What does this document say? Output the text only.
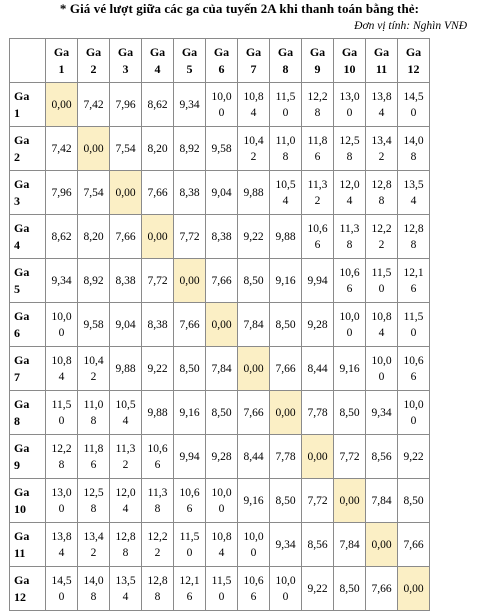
* Giá vé lượt giữa các ga của tuyến 2A khi thanh toán bằng thẻ:
Đơn vị tính: Nghìn VNĐ
	Ga 1	Ga 2	Ga 3	Ga 4	Ga 5	Ga 6	Ga 7	Ga 8	Ga 9	Ga 10	Ga 11	Ga 12
Ga 1	0,00	7,42	7,96	8,62	9,34	10,00	10,84	11,50	12,28	13,00	13,84	14,50
Ga 2	7,42	0,00	7,54	8,20	8,92	9,58	10,42	11,08	11,86	12,58	13,42	14,08
Ga 3	7,96	7,54	0,00	7,66	8,38	9,04	9,88	10,54	11,32	12,04	12,88	13,54
Ga 4	8,62	8,20	7,66	0,00	7,72	8,38	9,22	9,88	10,66	11,38	12,22	12,88
Ga 5	9,34	8,92	8,38	7,72	0,00	7,66	8,50	9,16	9,94	10,66	11,50	12,16
Ga 6	10,00	9,58	9,04	8,38	7,66	0,00	7,84	8,50	9,28	10,00	10,84	11,50
Ga 7	10,84	10,42	9,88	9,22	8,50	7,84	0,00	7,66	8,44	9,16	10,00	10,66
Ga 8	11,50	11,08	10,54	9,88	9,16	8,50	7,66	0,00	7,78	8,50	9,34	10,00
Ga 9	12,28	11,86	11,32	10,66	9,94	9,28	8,44	7,78	0,00	7,72	8,56	9,22
Ga 10	13,00	12,58	12,04	11,38	10,66	10,00	9,16	8,50	7,72	0,00	7,84	8,50
Ga 11	13,84	13,42	12,88	12,22	11,50	10,84	10,00	9,34	8,56	7,84	0,00	7,66
Ga 12	14,50	14,08	13,54	12,88	12,16	11,50	10,66	10,00	9,22	8,50	7,66	0,00
